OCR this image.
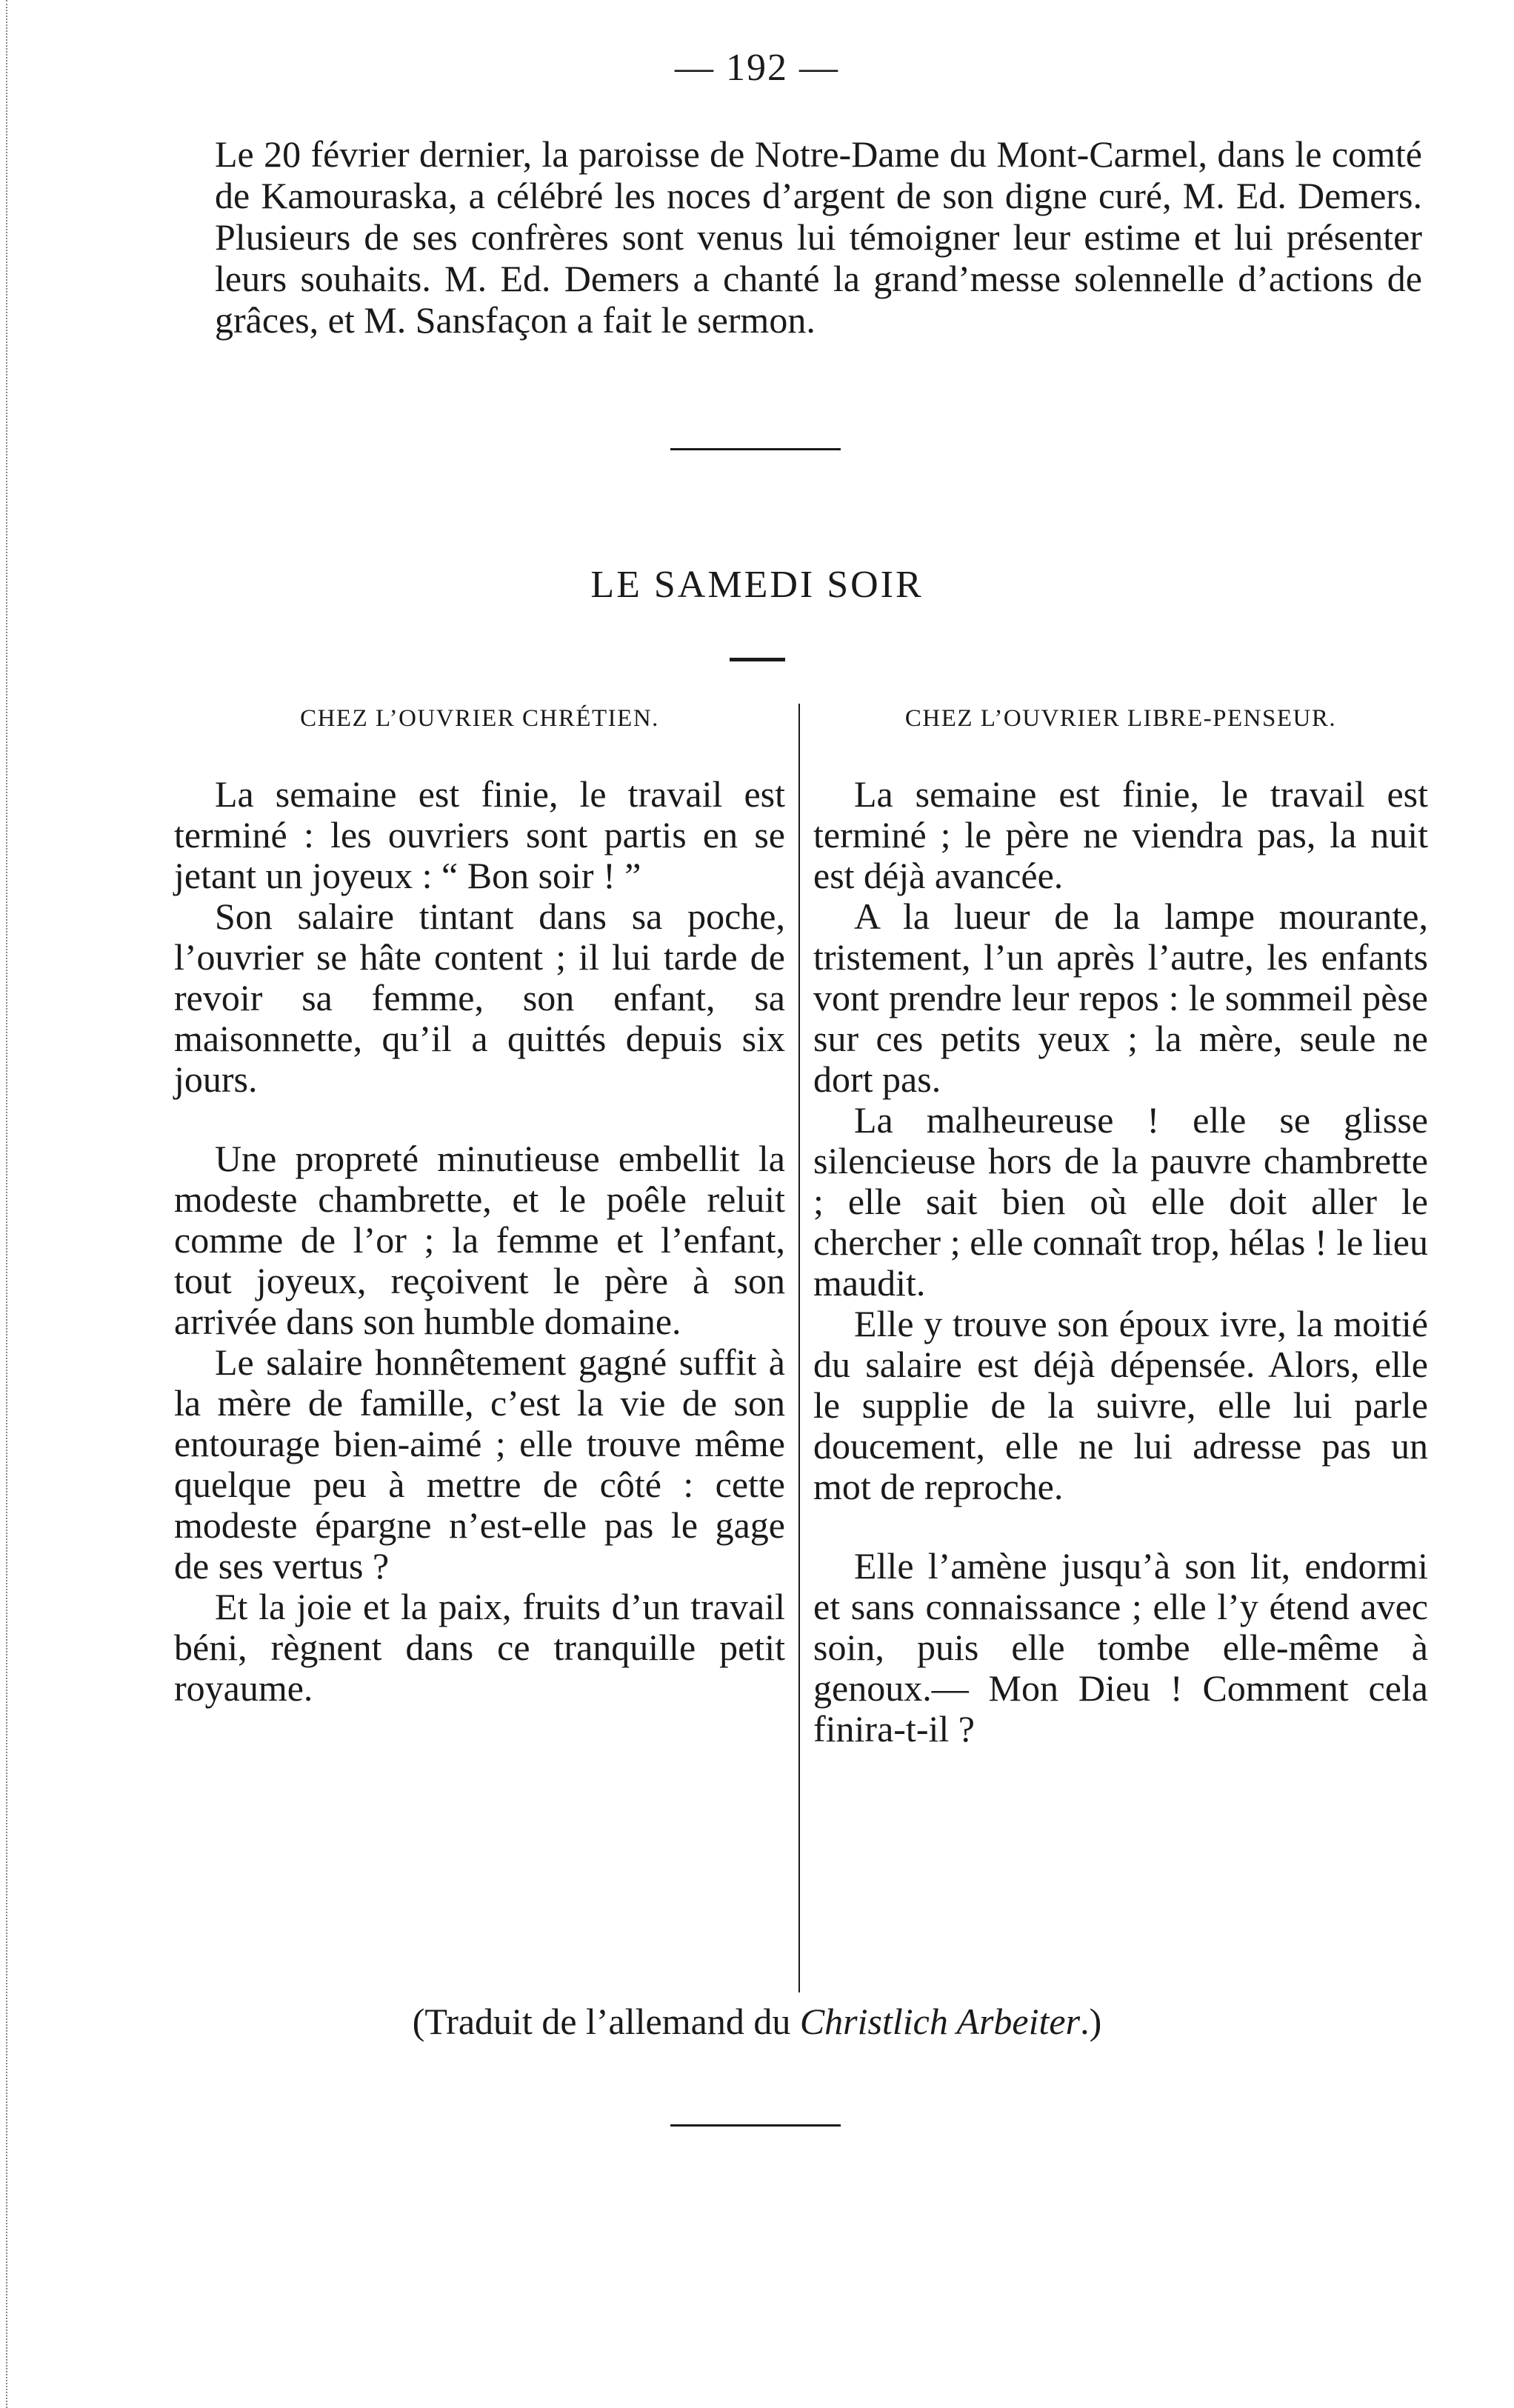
— 192 —

Le 20 février dernier, la paroisse de Notre-Dame du Mont-Carmel, dans le comté de Kamouraska, a célébré les noces d’argent de son digne curé, M. Ed. Demers. Plusieurs de ses confrères sont venus lui témoigner leur estime et lui présenter leurs souhaits. M. Ed. Demers a chanté la grand’messe solennelle d’actions de grâces, et M. Sansfaçon a fait le sermon.

LE SAMEDI SOIR
CHEZ L’OUVRIER CHRÉTIEN.

La semaine est finie, le travail est terminé : les ouvriers sont partis en se jetant un joyeux : “ Bon soir ! ”

Son salaire tintant dans sa poche, l’ouvrier se hâte content ; il lui tarde de revoir sa femme, son enfant, sa maisonnette, qu’il a quittés depuis six jours.

Une propreté minutieuse embellit la modeste chambrette, et le poêle reluit comme de l’or ; la femme et l’enfant, tout joyeux, reçoivent le père à son arrivée dans son humble domaine.

Le salaire honnêtement gagné suffit à la mère de famille, c’est la vie de son entourage bien-aimé ; elle trouve même quelque peu à mettre de côté : cette modeste épargne n’est-elle pas le gage de ses vertus ?

Et la joie et la paix, fruits d’un travail béni, règnent dans ce tranquille petit royaume.

CHEZ L’OUVRIER LIBRE-PENSEUR.

La semaine est finie, le travail est terminé ; le père ne viendra pas, la nuit est déjà avancée.

A la lueur de la lampe mourante, tristement, l’un après l’autre, les enfants vont prendre leur repos : le sommeil pèse sur ces petits yeux ; la mère, seule ne dort pas.

La malheureuse ! elle se glisse silencieuse hors de la pauvre chambrette ; elle sait bien où elle doit aller le chercher ; elle connaît trop, hélas ! le lieu maudit.

Elle y trouve son époux ivre, la moitié du salaire est déjà dépensée. Alors, elle le supplie de la suivre, elle lui parle doucement, elle ne lui adresse pas un mot de reproche.

Elle l’amène jusqu’à son lit, endormi et sans connaissance ; elle l’y étend avec soin, puis elle tombe elle-même à genoux.— Mon Dieu ! Comment cela finira-t-il ?

(Traduit de l’allemand du Christlich Arbeiter.)
